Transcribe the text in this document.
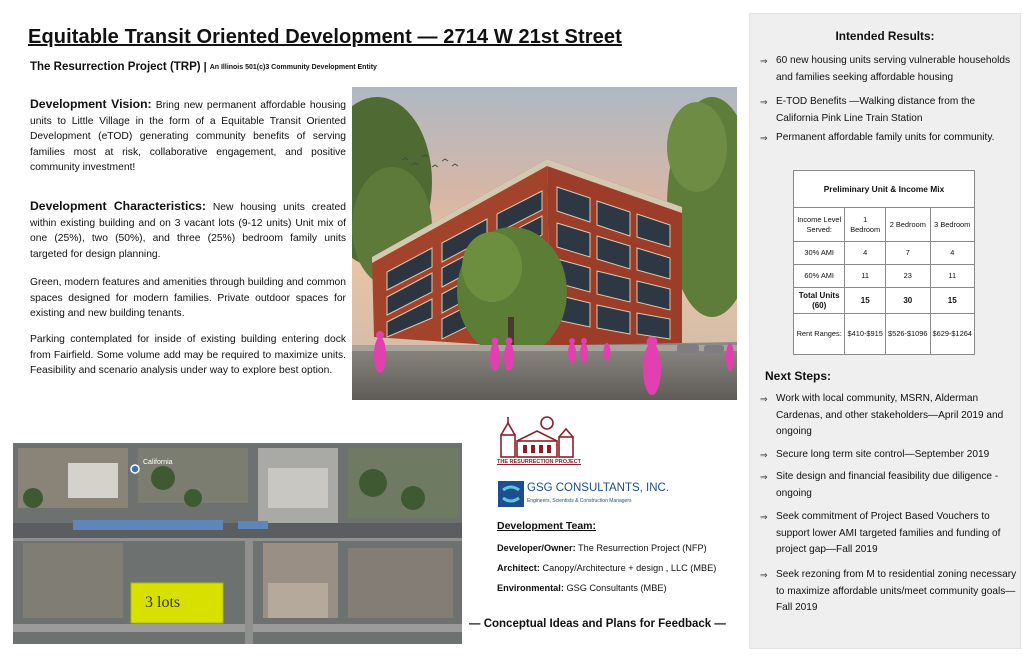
Equitable Transit Oriented Development — 2714 W 21st Street
The Resurrection Project (TRP) | An Illinois 501(c)3 Community Development Entity
Development Vision: Bring new permanent affordable housing units to Little Village in the form of a Equitable Transit Oriented Development (eTOD) generating community benefits of serving families most at risk, collaborative engagement, and positive community investment!
Development Characteristics: New housing units created within existing building and on 3 vacant lots (9-12 units) Unit mix of one (25%), two (50%), and three (25%) bedroom family units targeted for design planning.
Green, modern features and amenities through building and common spaces designed for modern families. Private outdoor spaces for existing and new building tenants.
Parking contemplated for inside of existing building entering dock from Fairfield. Some volume add may be required to maximize units. Feasibility and scenario analysis under way to explore best option.
3 lots
California	THE RESURRECTION PROJECT
GSG CONSULTANTS, INC.
Engineers, Scientists & Construction Managers
Development Team:
Developer/Owner: The Resurrection Project (NFP)
Architect: Canopy/Architecture + design , LLC (MBE)
Environmental: GSG Consultants (MBE)
— Conceptual Ideas and Plans for Feedback —
Intended Results:
⇒ 60 new housing units serving vulnerable households and families seeking affordable housing
⇒ E-TOD Benefits —Walking distance from the California Pink Line Train Station
⇒ Permanent affordable family units for community.
Preliminary Unit & Income Mix			
Income Level Served:	1 Bedroom	2 Bedroom	3 Bedroom
30% AMI	4	7	4
60% AMI	11	23	11
Total Units (60)	15	30	15
Rent Ranges:	$410-$915	$526-$1096	$629-$1264
Next Steps:
⇒ Work with local community, MSRN, Alderman Cardenas, and other stakeholders—April 2019 and ongoing
⇒ Secure long term site control—September 2019
⇒ Site design and financial feasibility due diligence - ongoing
⇒ Seek commitment of Project Based Vouchers to support lower AMI targeted families and funding of project gap—Fall 2019
⇒ Seek rezoning from M to residential zoning necessary to maximize affordable units/meet community goals—Fall 2019
